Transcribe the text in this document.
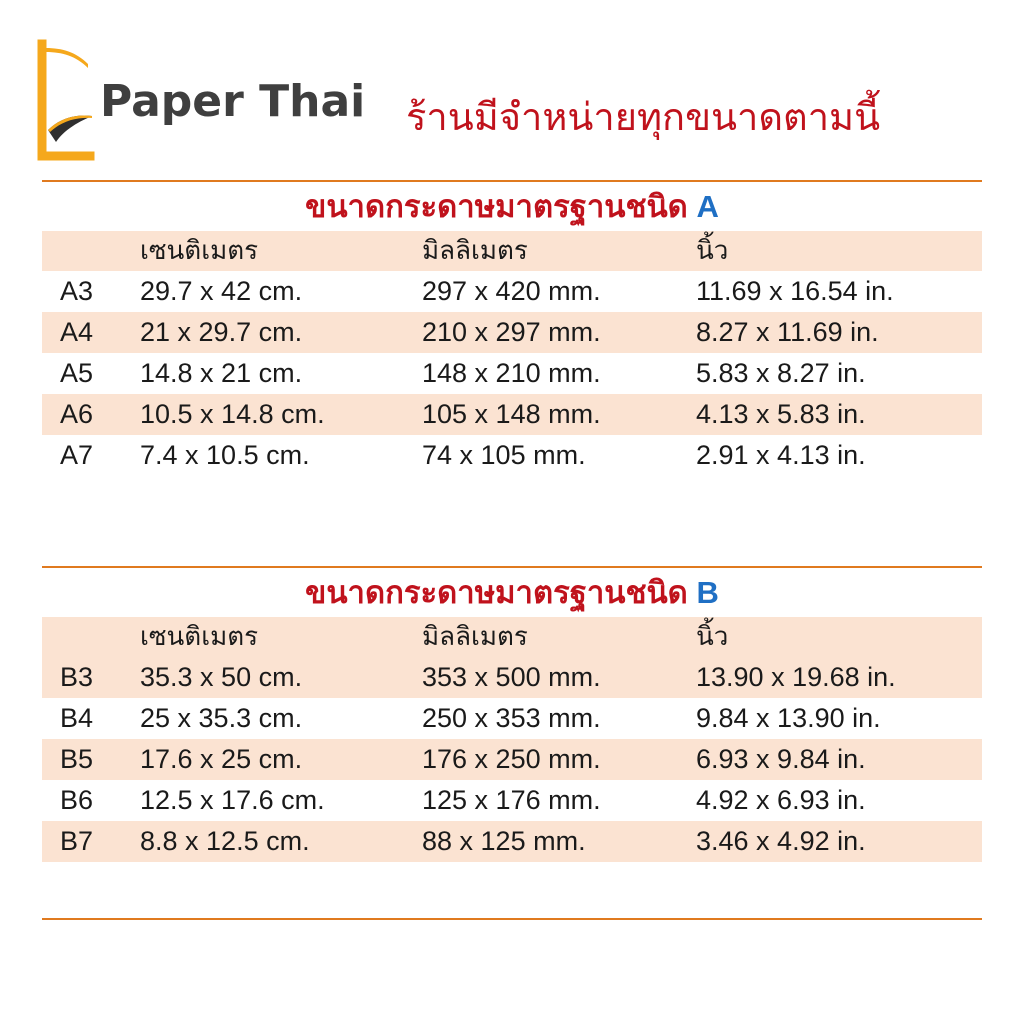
Paper Thai ร้านมีจำหน่ายทุกขนาดตามนี้
ขนาดกระดาษมาตรฐานชนิด A
	เซนติเมตร	มิลลิเมตร	นิ้ว
A3	29.7 x 42 cm.	297 x 420 mm.	11.69 x 16.54 in.
A4	21 x 29.7 cm.	210 x 297 mm.	8.27 x 11.69 in.
A5	14.8 x 21 cm.	148 x 210 mm.	5.83 x 8.27 in.
A6	10.5 x 14.8 cm.	105 x 148 mm.	4.13 x 5.83 in.
A7	7.4 x 10.5 cm.	74 x 105 mm.	2.91 x 4.13 in.
ขนาดกระดาษมาตรฐานชนิด B
	เซนติเมตร	มิลลิเมตร	นิ้ว
B3	35.3 x 50 cm.	353 x 500 mm.	13.90 x 19.68 in.
B4	25 x 35.3 cm.	250 x 353 mm.	9.84 x 13.90 in.
B5	17.6 x 25 cm.	176 x 250 mm.	6.93 x 9.84 in.
B6	12.5 x 17.6 cm.	125 x 176 mm.	4.92 x 6.93 in.
B7	8.8 x 12.5 cm.	88 x 125 mm.	3.46 x 4.92 in.
